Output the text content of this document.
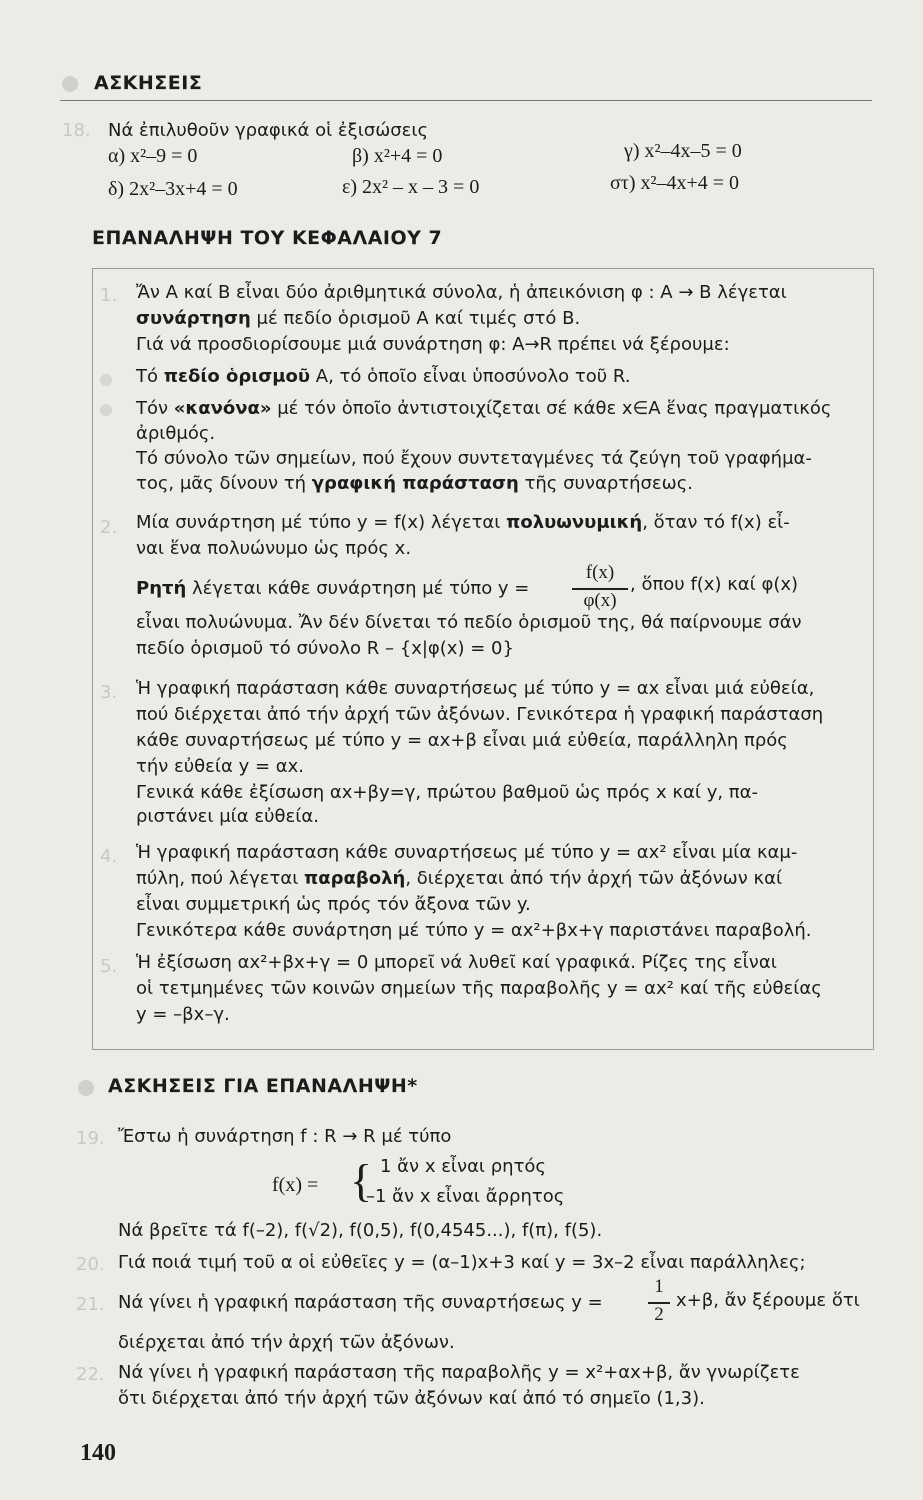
ΑΣΚΗΣΕΙΣ
18. Νά ἐπιλυθοῦν γραφικά οἱ ἐξισώσεις
α) x²–9 = 0	β) x²+4 = 0	γ) x²–4x–5 = 0
δ) 2x²–3x+4 = 0	ε) 2x² – x – 3 = 0	στ) x²–4x+4 = 0
ΕΠΑΝΑΛΗΨΗ ΤΟΥ ΚΕΦΑΛΑΙΟΥ 7
1. Ἄν Α καί Β εἶναι δύο ἀριθμητικά σύνολα, ἡ ἀπεικόνιση φ : Α → Β λέγεται
συνάρτηση μέ πεδίο ὁρισμοῦ Α καί τιμές στό Β.
Γιά νά προσδιορίσουμε μιά συνάρτηση φ: A→R πρέπει νά ξέρουμε:
Τό πεδίο ὁρισμοῦ Α, τό ὁποῖο εἶναι ὑποσύνολο τοῦ R.
Τόν «κανόνα» μέ τόν ὁποῖο ἀντιστοιχίζεται σέ κάθε x∈A ἕνας πραγματικός
ἀριθμός.
Τό σύνολο τῶν σημείων, πού ἔχουν συντεταγμένες τά ζεύγη τοῦ γραφήμα-
τος, μᾶς δίνουν τή γραφική παράσταση τῆς συναρτήσεως.
2. Μία συνάρτηση μέ τύπο y = f(x) λέγεται πολυωνυμική, ὅταν τό f(x) εἶ-
ναι ἕνα πολυώνυμο ὡς πρός x.
Ρητή λέγεται κάθε συνάρτηση μέ τύπο y =
f(x)
φ(x)
, ὅπου f(x) καί φ(x)
εἶναι πολυώνυμα. Ἄν δέν δίνεται τό πεδίο ὁρισμοῦ της, θά παίρνουμε σάν
πεδίο ὁρισμοῦ τό σύνολο R – {x|φ(x) = 0}
3. Ἡ γραφική παράσταση κάθε συναρτήσεως μέ τύπο y = αx εἶναι μιά εὐθεία,
πού διέρχεται ἀπό τήν ἀρχή τῶν ἀξόνων. Γενικότερα ἡ γραφική παράσταση
κάθε συναρτήσεως μέ τύπο y = αx+β εἶναι μιά εὐθεία, παράλληλη πρός
τήν εὐθεία y = αx.
Γενικά κάθε ἐξίσωση αx+βy=γ, πρώτου βαθμοῦ ὡς πρός x καί y, πα-
ριστάνει μία εὐθεία.
4. Ἡ γραφική παράσταση κάθε συναρτήσεως μέ τύπο y = αx² εἶναι μία καμ-
πύλη, πού λέγεται παραβολή, διέρχεται ἀπό τήν ἀρχή τῶν ἀξόνων καί
εἶναι συμμετρική ὡς πρός τόν ἄξονα τῶν y.
Γενικότερα κάθε συνάρτηση μέ τύπο y = αx²+βx+γ παριστάνει παραβολή.
5. Ἡ ἐξίσωση αx²+βx+γ = 0 μπορεῖ νά λυθεῖ καί γραφικά. Ρίζες της εἶναι
οἱ τετμημένες τῶν κοινῶν σημείων τῆς παραβολῆς y = αx² καί τῆς εὐθείας
y = –βx–γ.
ΑΣΚΗΣΕΙΣ ΓΙΑ ΕΠΑΝΑΛΗΨΗ*
19. Ἔστω ἡ συνάρτηση f : R → R μέ τύπο
f(x) = { 1 ἄν x εἶναι ρητός
–1 ἄν x εἶναι ἄρρητος
Νά βρεῖτε τά f(–2), f(√2), f(0,5), f(0,4545...), f(π), f(5).
20. Γιά ποιά τιμή τοῦ α οἱ εὐθεῖες y = (α–1)x+3 καί y = 3x–2 εἶναι παράλληλες;
21. Νά γίνει ἡ γραφική παράσταση τῆς συναρτήσεως y =
1
2
x+β, ἄν ξέρουμε ὅτι
διέρχεται ἀπό τήν ἀρχή τῶν ἀξόνων.
22. Νά γίνει ἡ γραφική παράσταση τῆς παραβολῆς y = x²+αx+β, ἄν γνωρίζετε
ὅτι διέρχεται ἀπό τήν ἀρχή τῶν ἀξόνων καί ἀπό τό σημεῖο (1,3).
140
